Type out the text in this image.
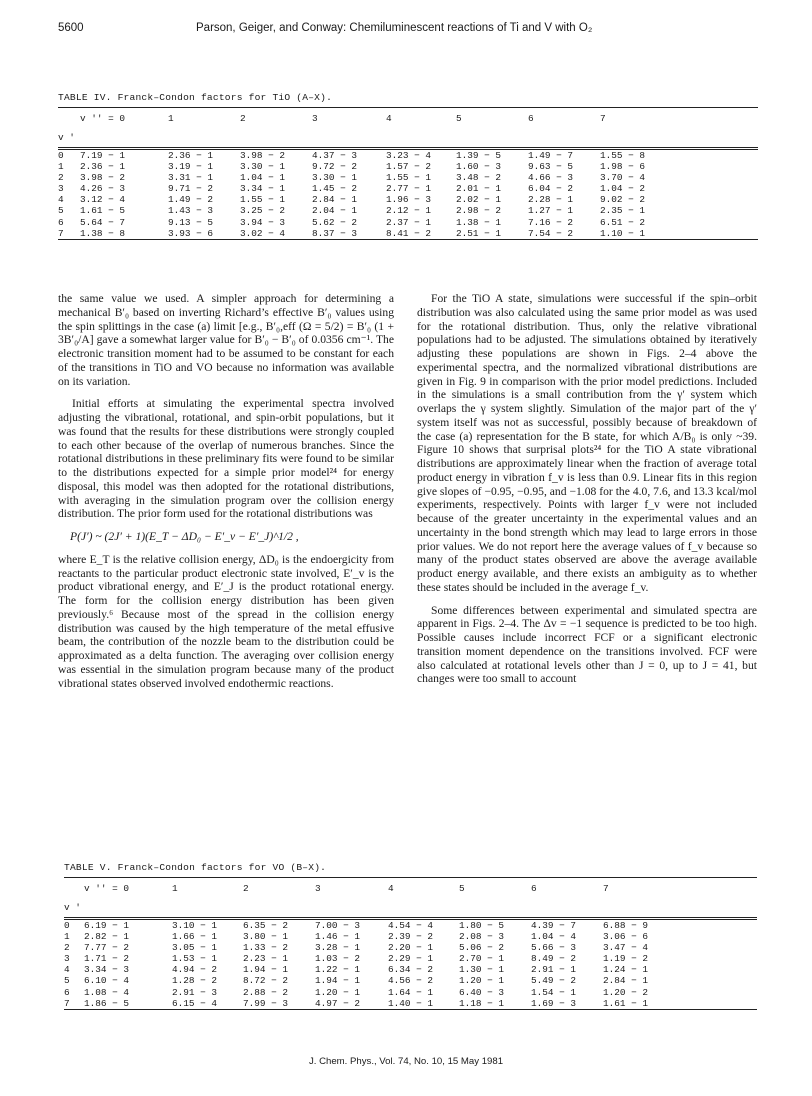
5600	Parson, Geiger, and Conway: Chemiluminescent reactions of Ti and V with O₂
TABLE IV. Franck–Condon factors for TiO (A–X).
v ′	v ′′ = 0	1	2	3	4	5	6	7	
0	7.19 − 1	2.36 − 1	3.98 − 2	4.37 − 3	3.23 − 4	1.39 − 5	1.49 − 7	1.55 − 8	
1	2.36 − 1	3.19 − 1	3.30 − 1	9.72 − 2	1.57 − 2	1.60 − 3	9.63 − 5	1.98 − 6	
2	3.98 − 2	3.31 − 1	1.04 − 1	3.30 − 1	1.55 − 1	3.48 − 2	4.66 − 3	3.70 − 4	
3	4.26 − 3	9.71 − 2	3.34 − 1	1.45 − 2	2.77 − 1	2.01 − 1	6.04 − 2	1.04 − 2	
4	3.12 − 4	1.49 − 2	1.55 − 1	2.84 − 1	1.96 − 3	2.02 − 1	2.28 − 1	9.02 − 2	
5	1.61 − 5	1.43 − 3	3.25 − 2	2.04 − 1	2.12 − 1	2.98 − 2	1.27 − 1	2.35 − 1	
6	5.64 − 7	9.13 − 5	3.94 − 3	5.62 − 2	2.37 − 1	1.38 − 1	7.16 − 2	6.51 − 2	
7	1.38 − 8	3.93 − 6	3.02 − 4	8.37 − 3	8.41 − 2	2.51 − 1	7.54 − 2	1.10 − 1	

the same value we used. A simpler approach for determining a mechanical B′₀ based on inverting Richard’s effective B′₀ values using the spin splittings in the case (a) limit [e.g., B′₀,eff (Ω = 5/2) = B′₀ (1 + 3B′₀/A] gave a somewhat larger value for B′₀ − B′₀ of 0.0356 cm⁻¹. The electronic transition moment had to be assumed to be constant for each of the transitions in TiO and VO because no information was available on its variation.

Initial efforts at simulating the experimental spectra involved adjusting the vibrational, rotational, and spin-orbit populations, but it was found that the results for these distributions were strongly coupled to each other because of the overlap of numerous branches. Since the rotational distributions in these preliminary fits were found to be similar to the distributions expected for a simple prior model²⁴ for energy disposal, this model was then adopted for the rotational distributions, with averaging in the simulation program over the collision energy distribution. The prior form used for the rotational distributions was

P(J′) ~ (2J′ + 1)(E_T − ΔD₀ − E′_v − E′_J)^1/2 ,

where E_T is the relative collision energy, ΔD₀ is the endoergicity from reactants to the particular product electronic state involved, E′_v is the product vibrational energy, and E′_J is the product rotational energy. The form for the collision energy distribution has been given previously.⁶ Because most of the spread in the collision energy distribution was caused by the high temperature of the metal effusive beam, the contribution of the nozzle beam to the distribution could be approximated as a delta function. The averaging over collision energy was essential in the simulation program because many of the product vibrational states observed involved endothermic reactions.

For the TiO A state, simulations were successful if the spin–orbit distribution was also calculated using the same prior model as was used for the rotational distribution. Thus, only the relative vibrational populations had to be adjusted. The simulations obtained by iteratively adjusting these populations are shown in Figs. 2–4 above the experimental spectra, and the normalized vibrational distributions are given in Fig. 9 in comparison with the prior model predictions. Included in the simulations is a small contribution from the γ′ system which overlaps the γ system slightly. Simulation of the major part of the γ′ system itself was not as successful, possibly because of breakdown of the case (a) representation for the B state, for which A/B₀ is only ~39. Figure 10 shows that surprisal plots²⁴ for the TiO A state vibrational distributions are approximately linear when the fraction of average total product energy in vibration f_v is less than 0.9. Linear fits in this region give slopes of −0.95, −0.95, and −1.08 for the 4.0, 7.6, and 13.3 kcal/mol experiments, respectively. Points with larger f_v were not included because of the greater uncertainty in the experimental values and an uncertainty in the bond strength which may lead to large errors in those prior values. We do not report here the average values of f_v because so many of the product states observed are above the average available product energy available, and there exists an ambiguity as to whether these states should be included in the average f_v.

Some differences between experimental and simulated spectra are apparent in Figs. 2–4. The Δv = −1 sequence is predicted to be too high. Possible causes include incorrect FCF or a significant electronic transition moment dependence on the transitions involved. FCF were also calculated at rotational levels other than J = 0, up to J = 41, but changes were too small to account

TABLE V. Franck–Condon factors for VO (B–X).
v ′	v ′′ = 0	1	2	3	4	5	6	7	
0	6.19 − 1	3.10 − 1	6.35 − 2	7.00 − 3	4.54 − 4	1.80 − 5	4.39 − 7	6.88 − 9	
1	2.82 − 1	1.66 − 1	3.80 − 1	1.46 − 1	2.39 − 2	2.08 − 3	1.04 − 4	3.06 − 6	
2	7.77 − 2	3.05 − 1	1.33 − 2	3.28 − 1	2.20 − 1	5.06 − 2	5.66 − 3	3.47 − 4	
3	1.71 − 2	1.53 − 1	2.23 − 1	1.03 − 2	2.29 − 1	2.70 − 1	8.49 − 2	1.19 − 2	
4	3.34 − 3	4.94 − 2	1.94 − 1	1.22 − 1	6.34 − 2	1.30 − 1	2.91 − 1	1.24 − 1	
5	6.10 − 4	1.28 − 2	8.72 − 2	1.94 − 1	4.56 − 2	1.20 − 1	5.49 − 2	2.84 − 1	
6	1.08 − 4	2.91 − 3	2.88 − 2	1.20 − 1	1.64 − 1	6.40 − 3	1.54 − 1	1.20 − 2	
7	1.86 − 5	6.15 − 4	7.99 − 3	4.97 − 2	1.40 − 1	1.18 − 1	1.69 − 3	1.61 − 1	
J. Chem. Phys., Vol. 74, No. 10, 15 May 1981
